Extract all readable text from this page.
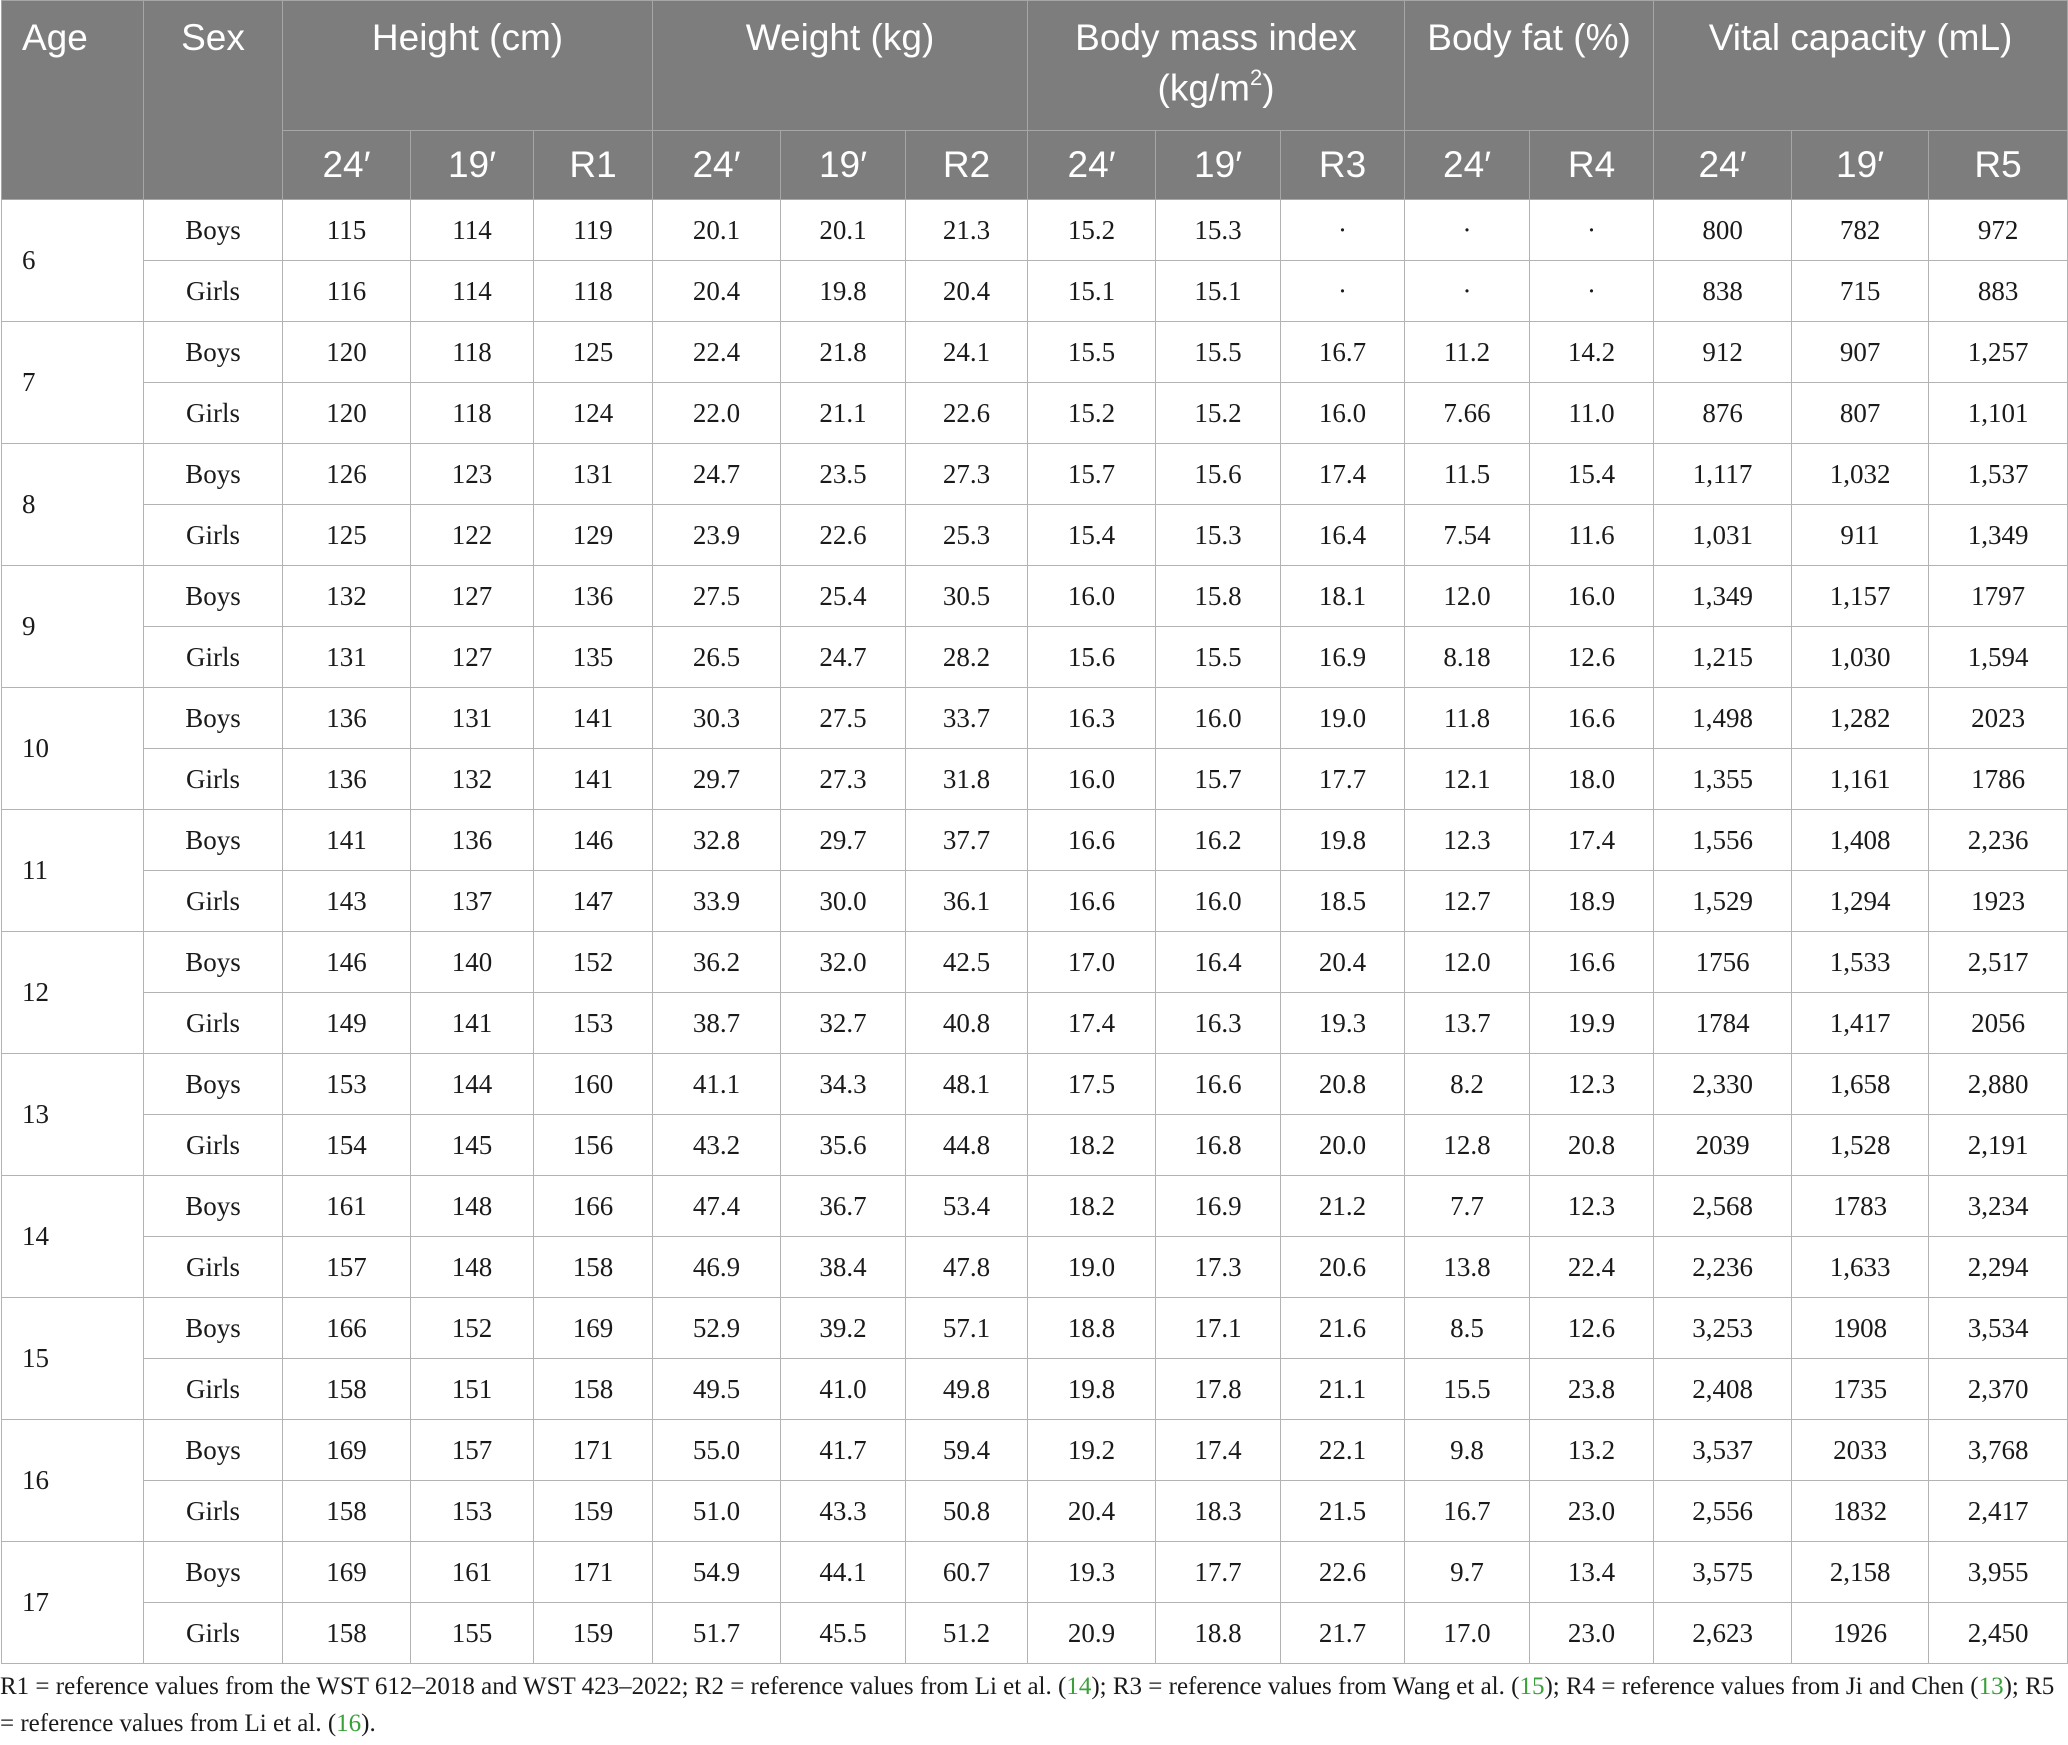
Age	Sex	Height (cm)			Weight (kg)			Body mass index
$(kg/m^2)$			Body fat (%)		Vital capacity (mL)		
		24′	19′	R1	24′	19′	R2	24′	19′	R3	24′	R4	24′	19′	R5
6	Boys	115	114	119	20.1	20.1	21.3	15.2	15.3	·	·	·	800	782	972
	Girls	116	114	118	20.4	19.8	20.4	15.1	15.1	·	·	·	838	715	883
7	Boys	120	118	125	22.4	21.8	24.1	15.5	15.5	16.7	11.2	14.2	912	907	1,257
	Girls	120	118	124	22.0	21.1	22.6	15.2	15.2	16.0	7.66	11.0	876	807	1,101
8	Boys	126	123	131	24.7	23.5	27.3	15.7	15.6	17.4	11.5	15.4	1,117	1,032	1,537
	Girls	125	122	129	23.9	22.6	25.3	15.4	15.3	16.4	7.54	11.6	1,031	911	1,349
9	Boys	132	127	136	27.5	25.4	30.5	16.0	15.8	18.1	12.0	16.0	1,349	1,157	1797
	Girls	131	127	135	26.5	24.7	28.2	15.6	15.5	16.9	8.18	12.6	1,215	1,030	1,594
10	Boys	136	131	141	30.3	27.5	33.7	16.3	16.0	19.0	11.8	16.6	1,498	1,282	2023
	Girls	136	132	141	29.7	27.3	31.8	16.0	15.7	17.7	12.1	18.0	1,355	1,161	1786
11	Boys	141	136	146	32.8	29.7	37.7	16.6	16.2	19.8	12.3	17.4	1,556	1,408	2,236
	Girls	143	137	147	33.9	30.0	36.1	16.6	16.0	18.5	12.7	18.9	1,529	1,294	1923
12	Boys	146	140	152	36.2	32.0	42.5	17.0	16.4	20.4	12.0	16.6	1756	1,533	2,517
	Girls	149	141	153	38.7	32.7	40.8	17.4	16.3	19.3	13.7	19.9	1784	1,417	2056
13	Boys	153	144	160	41.1	34.3	48.1	17.5	16.6	20.8	8.2	12.3	2,330	1,658	2,880
	Girls	154	145	156	43.2	35.6	44.8	18.2	16.8	20.0	12.8	20.8	2039	1,528	2,191
14	Boys	161	148	166	47.4	36.7	53.4	18.2	16.9	21.2	7.7	12.3	2,568	1783	3,234
	Girls	157	148	158	46.9	38.4	47.8	19.0	17.3	20.6	13.8	22.4	2,236	1,633	2,294
15	Boys	166	152	169	52.9	39.2	57.1	18.8	17.1	21.6	8.5	12.6	3,253	1908	3,534
	Girls	158	151	158	49.5	41.0	49.8	19.8	17.8	21.1	15.5	23.8	2,408	1735	2,370
16	Boys	169	157	171	55.0	41.7	59.4	19.2	17.4	22.1	9.8	13.2	3,537	2033	3,768
	Girls	158	153	159	51.0	43.3	50.8	20.4	18.3	21.5	16.7	23.0	2,556	1832	2,417
17	Boys	169	161	171	54.9	44.1	60.7	19.3	17.7	22.6	9.7	13.4	3,575	2,158	3,955
	Girls	158	155	159	51.7	45.5	51.2	20.9	18.8	21.7	17.0	23.0	2,623	1926	2,450
R1 = reference values from the WST 612–2018 and WST 423–2022; R2 = reference values from Li et al. (14); R3 = reference values from Wang et al. (15); R4 = reference values from Ji and Chen (13); R5 = reference values from Li et al. (16).
